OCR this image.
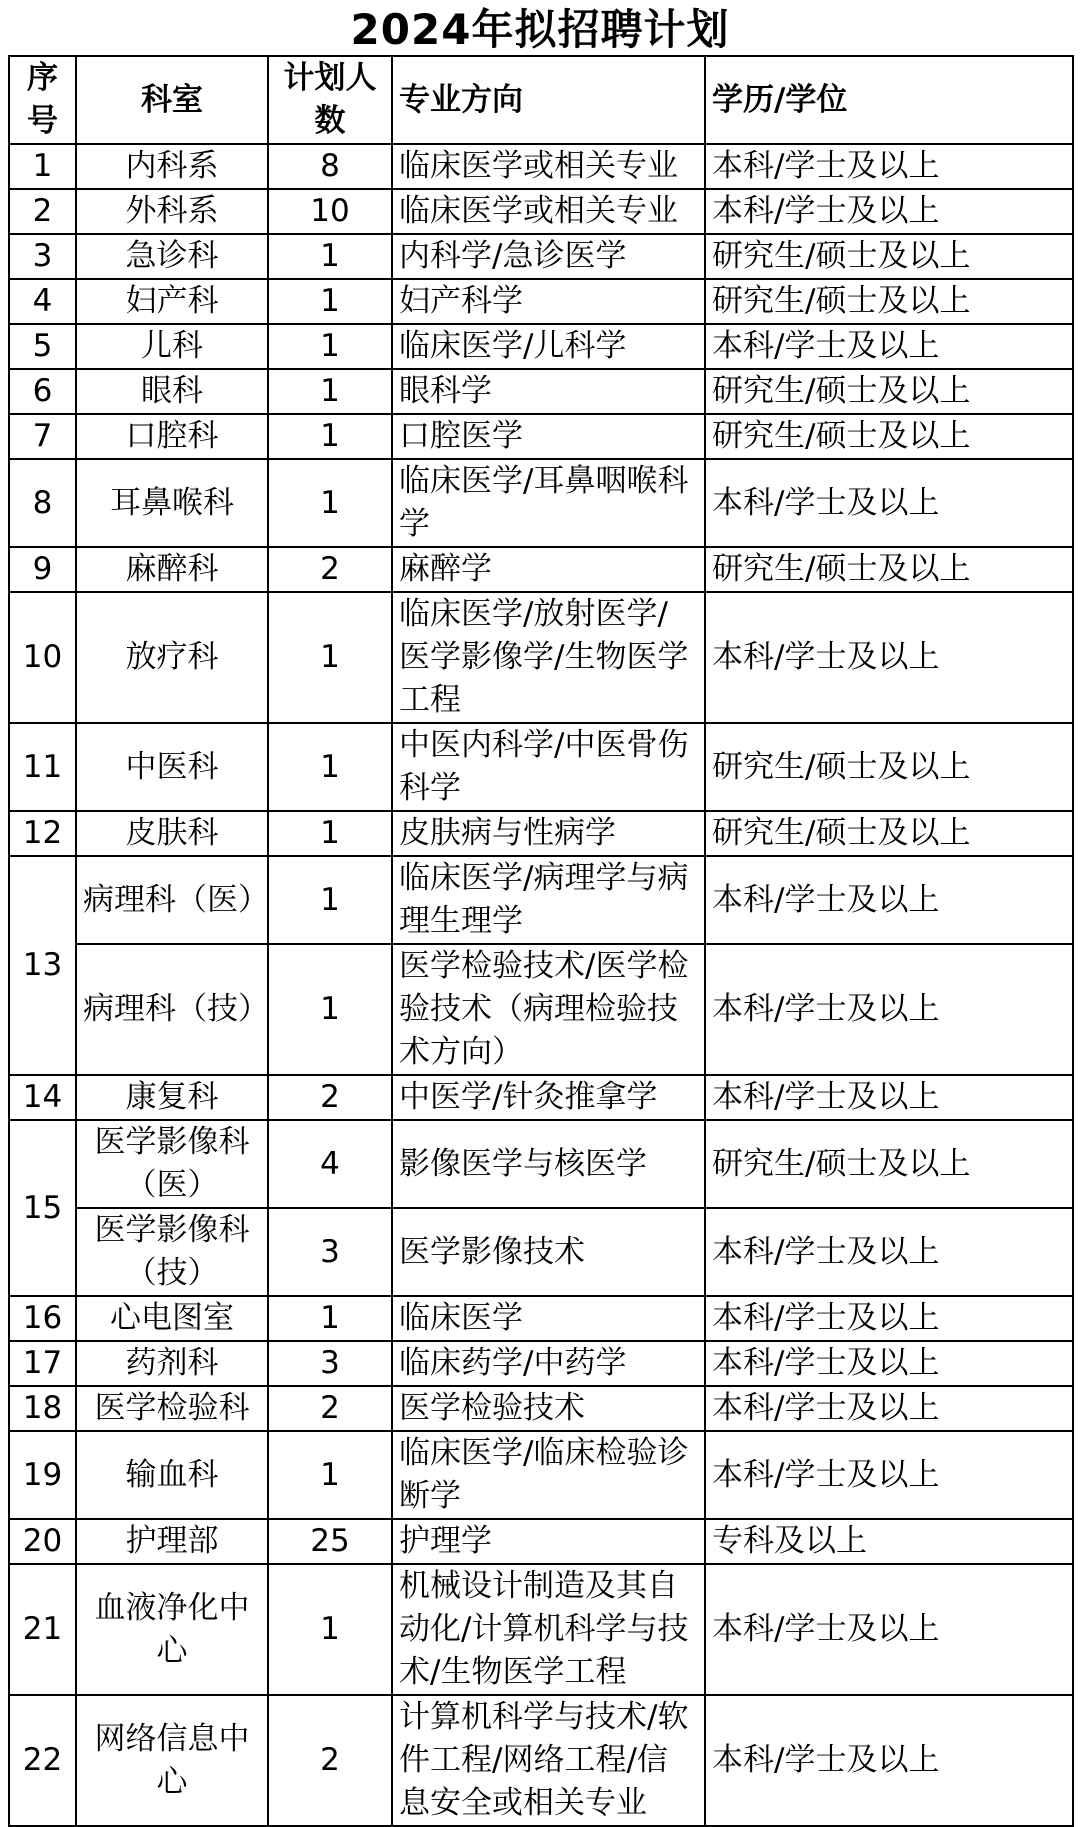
2024年拟招聘计划
序号	科室	计划人数	专业方向	学历/学位
1	内科系	8	临床医学或相关专业	本科/学士及以上
2	外科系	10	临床医学或相关专业	本科/学士及以上
3	急诊科	1	内科学/急诊医学	研究生/硕士及以上
4	妇产科	1	妇产科学	研究生/硕士及以上
5	儿科	1	临床医学/儿科学	本科/学士及以上
6	眼科	1	眼科学	研究生/硕士及以上
7	口腔科	1	口腔医学	研究生/硕士及以上
8	耳鼻喉科	1	临床医学/耳鼻咽喉科学	本科/学士及以上
9	麻醉科	2	麻醉学	研究生/硕士及以上
10	放疗科	1	临床医学/放射医学/医学影像学/生物医学工程	本科/学士及以上
11	中医科	1	中医内科学/中医骨伤科学	研究生/硕士及以上
12	皮肤科	1	皮肤病与性病学	研究生/硕士及以上
13	病理科（医）	1	临床医学/病理学与病理生理学	本科/学士及以上
	病理科（技）	1	医学检验技术/医学检验技术（病理检验技术方向）	本科/学士及以上
14	康复科	2	中医学/针灸推拿学	本科/学士及以上
15	医学影像科（医）	4	影像医学与核医学	研究生/硕士及以上
	医学影像科（技）	3	医学影像技术	本科/学士及以上
16	心电图室	1	临床医学	本科/学士及以上
17	药剂科	3	临床药学/中药学	本科/学士及以上
18	医学检验科	2	医学检验技术	本科/学士及以上
19	输血科	1	临床医学/临床检验诊断学	本科/学士及以上
20	护理部	25	护理学	专科及以上
21	血液净化中心	1	机械设计制造及其自动化/计算机科学与技术/生物医学工程	本科/学士及以上
22	网络信息中心	2	计算机科学与技术/软件工程/网络工程/信息安全或相关专业	本科/学士及以上
